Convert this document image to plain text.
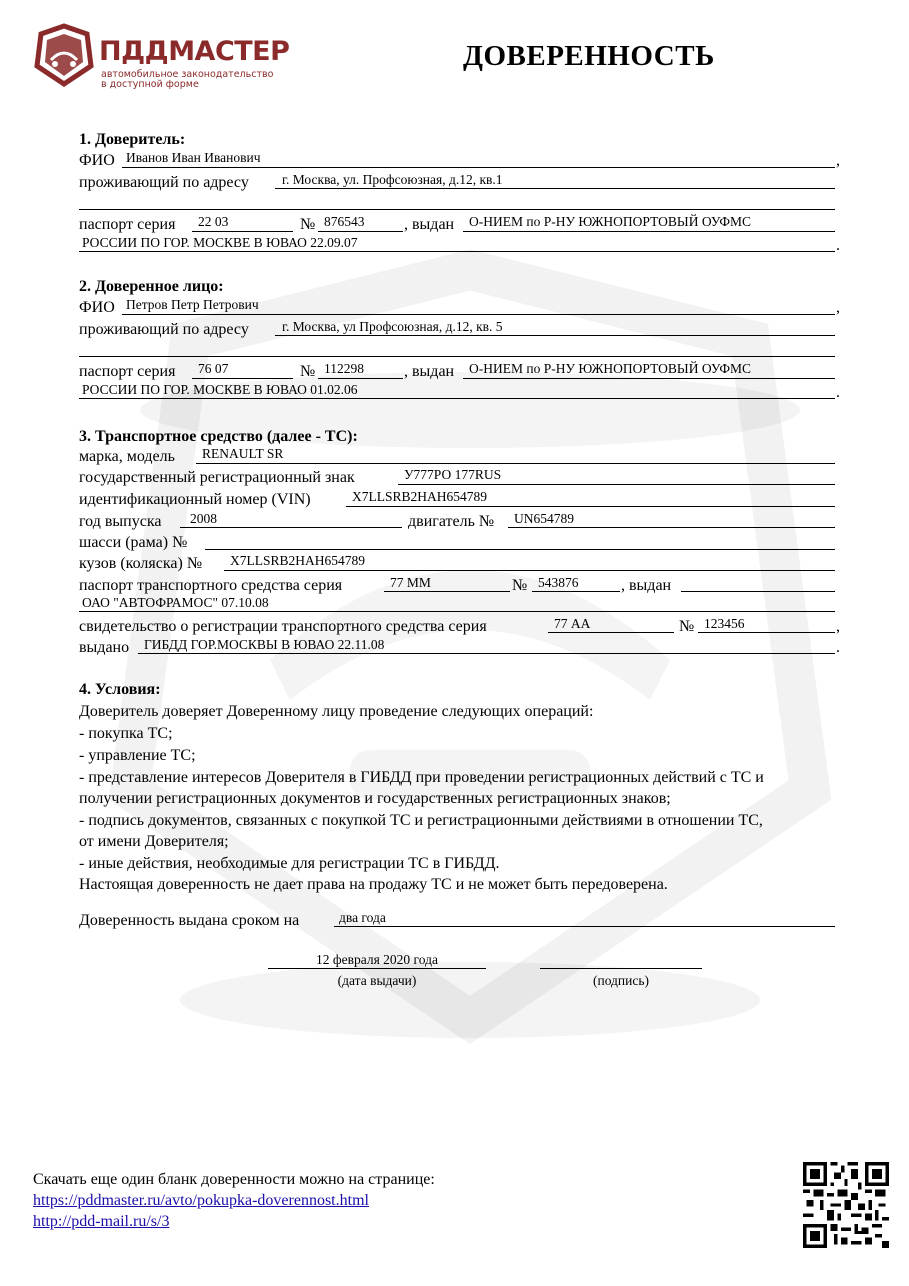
ПДДМАСТЕР
автомобильное законодательство
в доступной форме
ДОВЕРЕННОСТЬ
1. Доверитель:
ФИО Иванов Иван Иванович	,
проживающий по адресу г. Москва, ул. Профсоюзная, д.12, кв.1
паспорт серия 22 03	№ 876543 , выдан О-НИЕМ по Р-НУ ЮЖНОПОРТОВЫЙ ОУФМС
РОССИИ ПО ГОР. МОСКВЕ В ЮВАО 22.09.07	.
2. Доверенное лицо:
ФИО Петров Петр Петрович	,
проживающий по адресу г. Москва, ул Профсоюзная, д.12, кв. 5
паспорт серия 76 07	№ 112298	, выдан О-НИЕМ по Р-НУ ЮЖНОПОРТОВЫЙ ОУФМС
РОССИИ ПО ГОР. МОСКВЕ В ЮВАО 01.02.06	.
3. Транспортное средство (далее - ТС):
марка, модель RENAULT SR
государственный регистрационный знак	У777РО 177RUS
идентификационный номер (VIN)	X7LLSRB2HAH654789
год выпуска 2008	двигатель № UN654789
шасси (рама) №
кузов (коляска) № X7LLSRB2HAH654789
паспорт транспортного средства серия	77 ММ	№ 543876	, выдан
ОАО "АВТОФРАМОС" 07.10.08
свидетельство о регистрации транспортного средства серия	77 АА	№ 123456	,
выдано ГИБДД ГОР.МОСКВЫ В ЮВАО 22.11.08	.
4. Условия:
Доверитель доверяет Доверенному лицу проведение следующих операций:
- покупка ТС;
- управление ТС;
- представление интересов Доверителя в ГИБДД при проведении регистрационных действий с ТС и
получении регистрационных документов и государственных регистрационных знаков;
- подпись документов, связанных с покупкой ТС и регистрационными действиями в отношении ТС,
от имени Доверителя;
- иные действия, необходимые для регистрации ТС в ГИБДД.
Настоящая доверенность не дает права на продажу ТС и не может быть передоверена.
Доверенность выдана сроком на	два года
12 февраля 2020 года
(дата выдачи)	(подпись)
Скачать еще один бланк доверенности можно на странице:
https://pddmaster.ru/avto/pokupka-doverennost.html
http://pdd-mail.ru/s/3
